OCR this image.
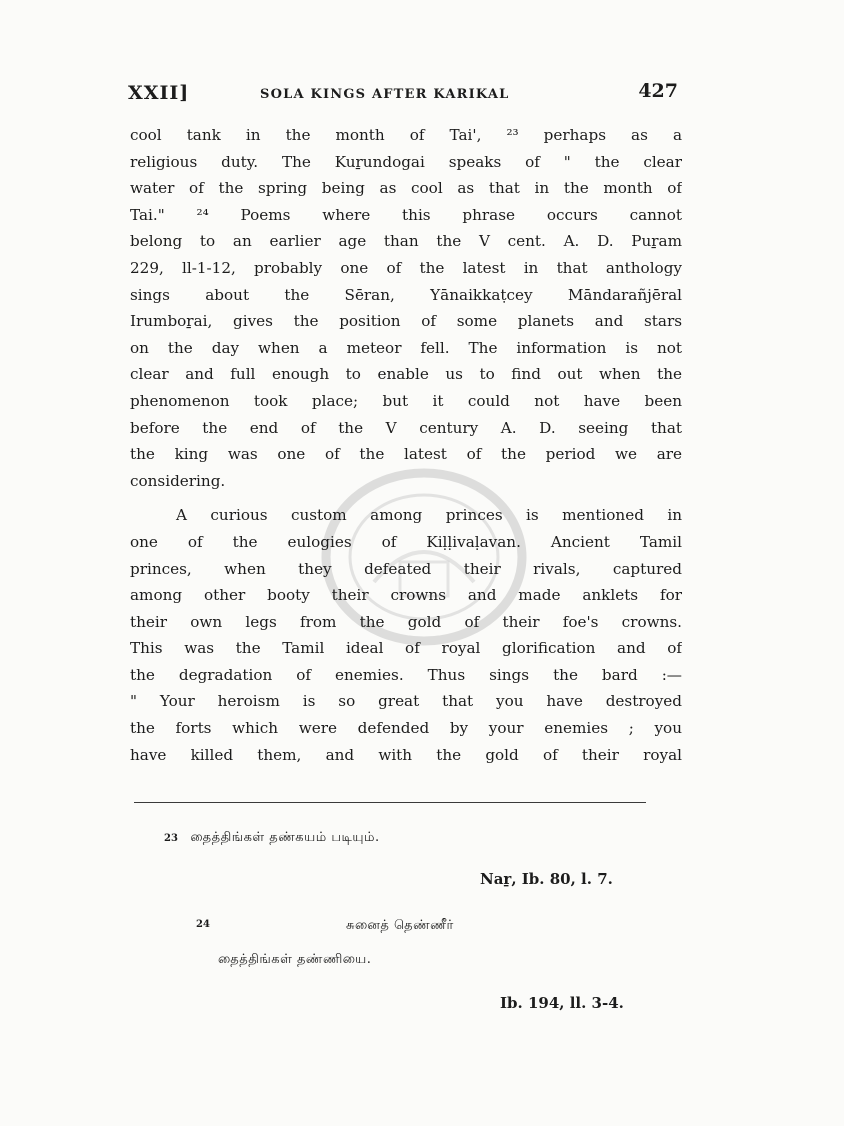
XXII]	SOLA KINGS AFTER KARIKAL	427
cool tank in the month of Tai', ²³ perhaps as a
religious duty. The Kuṟundogai speaks of " the clear
water of the spring being as cool as that in the month of
Tai." ²⁴ Poems where this phrase occurs cannot
belong to an earlier age than the V cent. A. D. Puṟam
229, ll-1-12, probably one of the latest in that anthology
sings about the Sēran, Yānaikkaṭcey Māndarañjēral
Irumboṟai, gives the position of some planets and stars
on the day when a meteor fell. The information is not
clear and full enough to enable us to find out when the
phenomenon took place; but it could not have been
before the end of the V century A. D. seeing that
the king was one of the latest of the period we are
considering.
A curious custom among princes is mentioned in
one of the eulogies of Kiḷḷivaḷavan. Ancient Tamil
princes, when they defeated their rivals, captured
among other booty their crowns and made anklets for
their own legs from the gold of their foe's crowns.
This was the Tamil ideal of royal glorification and of
the degradation of enemies. Thus sings the bard :—
" Your heroism is so great that you have destroyed
the forts which were defended by your enemies ; you
have killed them, and with the gold of their royal
23 தைத்திங்கள் தண்கயம் படியும்.
Naṟ, Ib. 80, l. 7.
24	சுனைத் தெண்ணீர்
தைத்திங்கள் தண்ணியை.
Ib. 194, ll. 3-4.
